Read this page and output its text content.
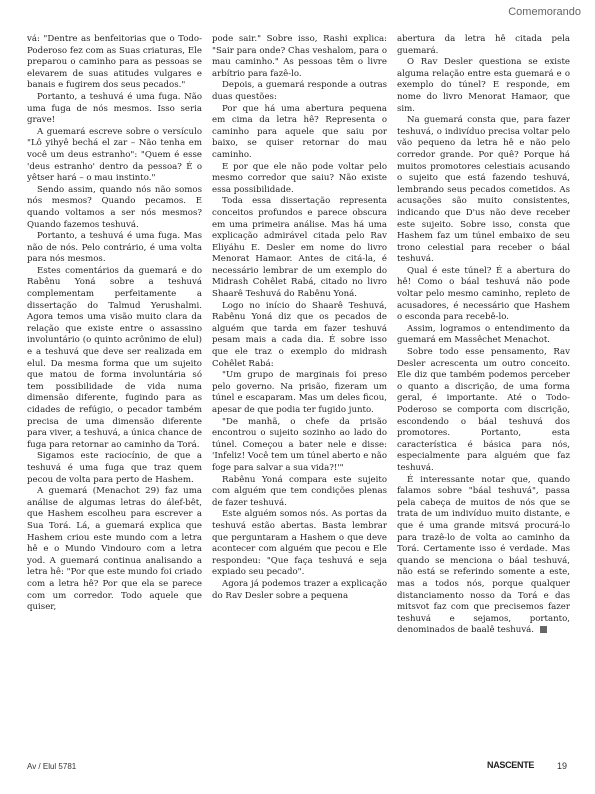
Comemorando

vá: "Dentre as benfeitorias que o Todo-Poderoso fez com as Suas criaturas, Ele preparou o caminho para as pessoas se elevarem de suas atitudes vulgares e banais e fugirem dos seus pecados."

Portanto, a teshuvá é uma fuga. Não uma fuga de nós mesmos. Isso seria grave!

A guemará escreve sobre o versículo "Lô yihyê bechá el zar – Não tenha em você um deus estranho": "Quem é esse 'deus estranho' dentro da pessoa? É o yêtser hará – o mau instinto."

Sendo assim, quando nós não somos nós mesmos? Quando pecamos. E quando voltamos a ser nós mesmos? Quando fazemos teshuvá.

Portanto, a teshuvá é uma fuga. Mas não de nós. Pelo contrário, é uma volta para nós mesmos.

Estes comentários da guemará e do Rabênu Yoná sobre a teshuvá complementam perfeitamente a dissertação do Talmud Yerushalmi. Agora temos uma visão muito clara da relação que existe entre o assassino involuntário (o quinto acrônimo de elul) e a teshuvá que deve ser realizada em elul. Da mesma forma que um sujeito que matou de forma involuntária só tem possibilidade de vida numa dimensão diferente, fugindo para as cidades de refúgio, o pecador também precisa de uma dimensão diferente para viver, a teshuvá, a única chance de fuga para retornar ao caminho da Torá.

Sigamos este raciocínio, de que a teshuvá é uma fuga que traz quem pecou de volta para perto de Hashem.

A guemará (Menachot 29) faz uma análise de algumas letras do álef-bêt, que Hashem escolheu para escrever a Sua Torá. Lá, a guemará explica que Hashem criou este mundo com a letra hê e o Mundo Vindouro com a letra yod. A guemará continua analisando a letra hê: "Por que este mundo foi criado com a letra hê? Por que ela se parece com um corredor. Todo aquele que quiser,

pode sair." Sobre isso, Rashi explica: "Sair para onde? Chas veshalom, para o mau caminho." As pessoas têm o livre arbítrio para fazê-lo.

Depois, a guemará responde a outras duas questões:

Por que há uma abertura pequena em cima da letra hê? Representa o caminho para aquele que saiu por baixo, se quiser retornar do mau caminho.

E por que ele não pode voltar pelo mesmo corredor que saiu? Não existe essa possibilidade.

Toda essa dissertação representa conceitos profundos e parece obscura em uma primeira análise. Mas há uma explicação admirável citada pelo Rav Eliyáhu E. Desler em nome do livro Menorat Hamaor. Antes de citá-la, é necessário lembrar de um exemplo do Midrash Cohêlet Rabá, citado no livro Shaarê Teshuvá do Rabênu Yoná.

Logo no início do Shaarê Teshuvá, Rabênu Yoná diz que os pecados de alguém que tarda em fazer teshuvá pesam mais a cada dia. É sobre isso que ele traz o exemplo do midrash Cohêlet Rabá:

"Um grupo de marginais foi preso pelo governo. Na prisão, fizeram um túnel e escaparam. Mas um deles ficou, apesar de que podia ter fugido junto.

"De manhã, o chefe da prisão encontrou o sujeito sozinho ao lado do túnel. Começou a bater nele e disse: 'Infeliz! Você tem um túnel aberto e não foge para salvar a sua vida?!'"

Rabênu Yoná compara este sujeito com alguém que tem condições plenas de fazer teshuvá.

Este alguém somos nós. As portas da teshuvá estão abertas. Basta lembrar que perguntaram a Hashem o que deve acontecer com alguém que pecou e Ele respondeu: "Que faça teshuvá e seja expiado seu pecado".

Agora já podemos trazer a explicação do Rav Desler sobre a pequena

abertura da letra hê citada pela guemará.

O Rav Desler questiona se existe alguma relação entre esta guemará e o exemplo do túnel? E responde, em nome do livro Menorat Hamaor, que sim.

Na guemará consta que, para fazer teshuvá, o indivíduo precisa voltar pelo vão pequeno da letra hê e não pelo corredor grande. Por quê? Porque há muitos promotores celestiais acusando o sujeito que está fazendo teshuvá, lembrando seus pecados cometidos. As acusações são muito consistentes, indicando que D'us não deve receber este sujeito. Sobre isso, consta que Hashem faz um túnel embaixo de seu trono celestial para receber o báal teshuvá.

Qual é este túnel? É a abertura do hê! Como o báal teshuvá não pode voltar pelo mesmo caminho, repleto de acusadores, é necessário que Hashem o esconda para recebê-lo.

Assim, logramos o entendimento da guemará em Massêchet Menachot.

Sobre todo esse pensamento, Rav Desler acrescenta um outro conceito. Ele diz que também podemos perceber o quanto a discrição, de uma forma geral, é importante. Até o Todo-Poderoso se comporta com discrição, escondendo o báal teshuvá dos promotores. Portanto, esta característica é básica para nós, especialmente para alguém que faz teshuvá.

É interessante notar que, quando falamos sobre "báal teshuvá", passa pela cabeça de muitos de nós que se trata de um indivíduo muito distante, e que é uma grande mitsvá procurá-lo para trazê-lo de volta ao caminho da Torá. Certamente isso é verdade. Mas quando se menciona o báal teshuvá, não está se referindo somente a este, mas a todos nós, porque qualquer distanciamento nosso da Torá e das mitsvot faz com que precisemos fazer teshuvá e sejamos, portanto, denominados de baalê teshuvá.

Av / Elul 5781	NASCENTE	19
